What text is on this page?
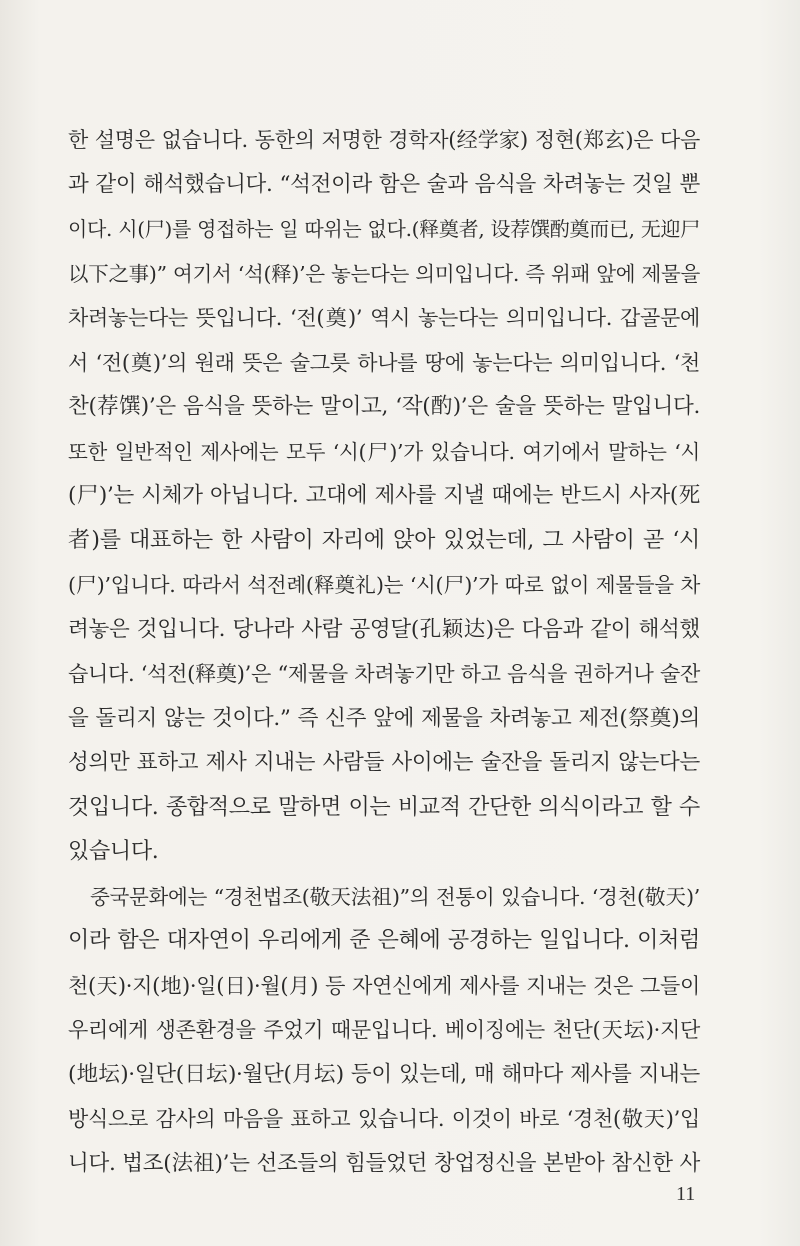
한 설명은 없습니다. 동한의 저명한 경학자(经学家) 정현(郑玄)은 다음
과 같이 해석했습니다. “석전이라 함은 술과 음식을 차려놓는 것일 뿐
이다. 시(尸)를 영접하는 일 따위는 없다.(释奠者, 设荐馔酌奠而已, 无迎尸
以下之事)” 여기서 ‘석(释)’은 놓는다는 의미입니다. 즉 위패 앞에 제물을
차려놓는다는 뜻입니다. ‘전(奠)’ 역시 놓는다는 의미입니다. 갑골문에
서 ‘전(奠)’의 원래 뜻은 술그릇 하나를 땅에 놓는다는 의미입니다. ‘천
찬(荐馔)’은 음식을 뜻하는 말이고, ‘작(酌)’은 술을 뜻하는 말입니다.
또한 일반적인 제사에는 모두 ‘시(尸)’가 있습니다. 여기에서 말하는 ‘시
(尸)’는 시체가 아닙니다. 고대에 제사를 지낼 때에는 반드시 사자(死
者)를 대표하는 한 사람이 자리에 앉아 있었는데, 그 사람이 곧 ‘시
(尸)’입니다. 따라서 석전례(释奠礼)는 ‘시(尸)’가 따로 없이 제물들을 차
려놓은 것입니다. 당나라 사람 공영달(孔颖达)은 다음과 같이 해석했
습니다. ‘석전(释奠)’은 “제물을 차려놓기만 하고 음식을 권하거나 술잔
을 돌리지 않는 것이다.” 즉 신주 앞에 제물을 차려놓고 제전(祭奠)의
성의만 표하고 제사 지내는 사람들 사이에는 술잔을 돌리지 않는다는
것입니다. 종합적으로 말하면 이는 비교적 간단한 의식이라고 할 수
있습니다.
중국문화에는 “경천법조(敬天法祖)”의 전통이 있습니다. ‘경천(敬天)’
이라 함은 대자연이 우리에게 준 은혜에 공경하는 일입니다. 이처럼
천(天)·지(地)·일(日)·월(月) 등 자연신에게 제사를 지내는 것은 그들이
우리에게 생존환경을 주었기 때문입니다. 베이징에는 천단(天坛)·지단
(地坛)·일단(日坛)·월단(月坛) 등이 있는데, 매 해마다 제사를 지내는
방식으로 감사의 마음을 표하고 있습니다. 이것이 바로 ‘경천(敬天)’입
니다. 법조(法祖)’는 선조들의 힘들었던 창업정신을 본받아 참신한 사
11
